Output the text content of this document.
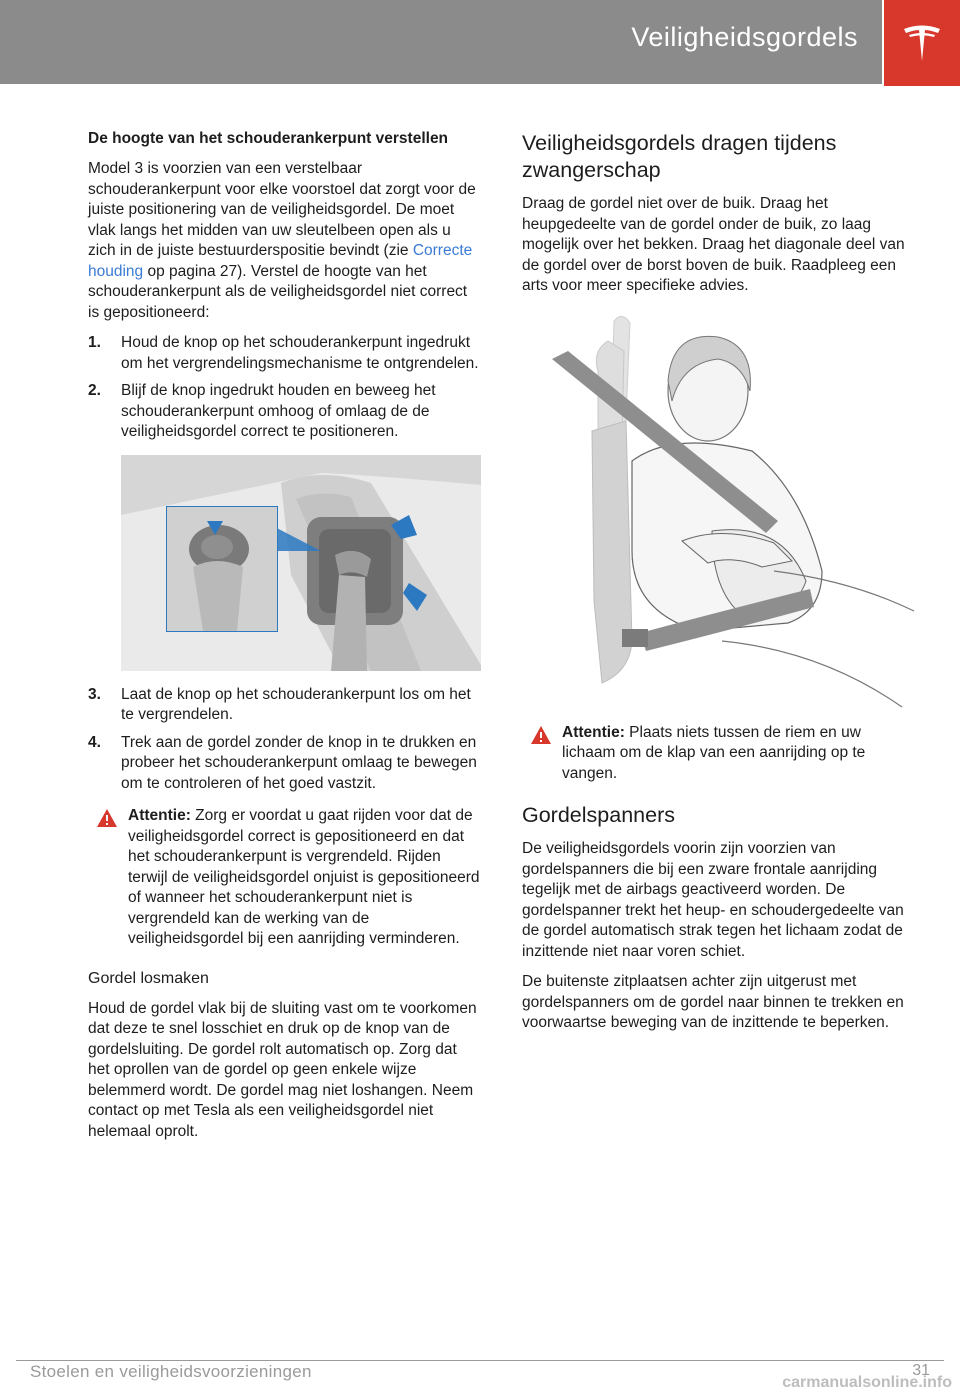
Veiligheidsgordels
De hoogte van het schouderankerpunt verstellen

Model 3 is voorzien van een verstelbaar schouderankerpunt voor elke voorstoel dat zorgt voor de juiste positionering van de veiligheidsgordel. De moet vlak langs het midden van uw sleutelbeen open als u zich in de juiste bestuurderspositie bevindt (zie Correcte houding op pagina 27). Verstel de hoogte van het schouderankerpunt als de veiligheidsgordel niet correct is gepositioneerd:

1. Houd de knop op het schouderankerpunt ingedrukt om het vergrendelingsmechanisme te ontgrendelen.
2. Blijf de knop ingedrukt houden en beweeg het schouderankerpunt omhoog of omlaag de de veiligheidsgordel correct te positioneren.
3. Laat de knop op het schouderankerpunt los om het te vergrendelen.
4. Trek aan de gordel zonder de knop in te drukken en probeer het schouderankerpunt omlaag te bewegen om te controleren of het goed vastzit.
Attentie: Zorg er voordat u gaat rijden voor dat de veiligheidsgordel correct is gepositioneerd en dat het schouderankerpunt is vergrendeld. Rijden terwijl de veiligheidsgordel onjuist is gepositioneerd of wanneer het schouderankerpunt niet is vergrendeld kan de werking van de veiligheidsgordel bij een aanrijding verminderen.
Gordel losmaken

Houd de gordel vlak bij de sluiting vast om te voorkomen dat deze te snel losschiet en druk op de knop van de gordelsluiting. De gordel rolt automatisch op. Zorg dat het oprollen van de gordel op geen enkele wijze belemmerd wordt. De gordel mag niet loshangen. Neem contact op met Tesla als een veiligheidsgordel niet helemaal oprolt.

Veiligheidsgordels dragen tijdens zwangerschap

Draag de gordel niet over de buik. Draag het heupgedeelte van de gordel onder de buik, zo laag mogelijk over het bekken. Draag het diagonale deel van de gordel over de borst boven de buik. Raadpleeg een arts voor meer specifieke advies.

Attentie: Plaats niets tussen de riem en uw lichaam om de klap van een aanrijding op te vangen.
Gordelspanners

De veiligheidsgordels voorin zijn voorzien van gordelspanners die bij een zware frontale aanrijding tegelijk met de airbags geactiveerd worden. De gordelspanner trekt het heup- en schoudergedeelte van de gordel automatisch strak tegen het lichaam zodat de inzittende niet naar voren schiet.

De buitenste zitplaatsen achter zijn uitgerust met gordelspanners om de gordel naar binnen te trekken en voorwaartse beweging van de inzittende te beperken.

Stoelen en veiligheidsvoorzieningen	31
carmanualsonline.info
